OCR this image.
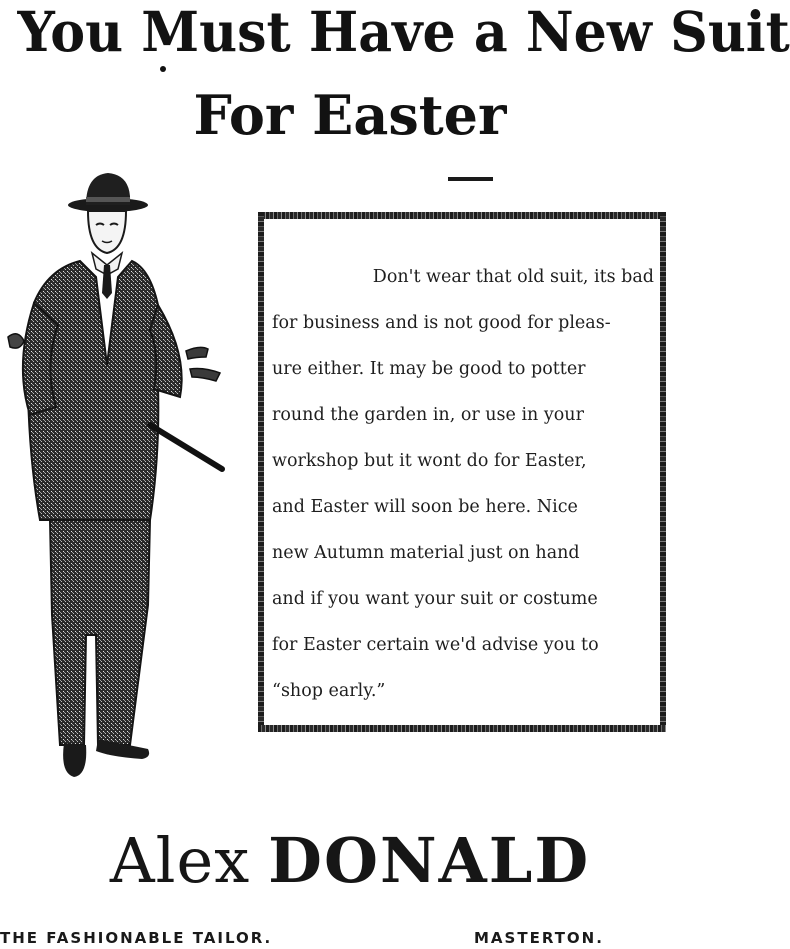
You Must Have a New Suit
For Easter
Don't wear that old suit, its bad
for business and is not good for pleas-
ure either. It may be good to potter
round the garden in, or use in your
workshop but it wont do for Easter,
and Easter will soon be here. Nice
new Autumn material just on hand
and if you want your suit or costume
for Easter certain we'd advise you to
“shop early.”
Alex DONALD
THE FASHIONABLE TAILOR.	MASTERTON.
